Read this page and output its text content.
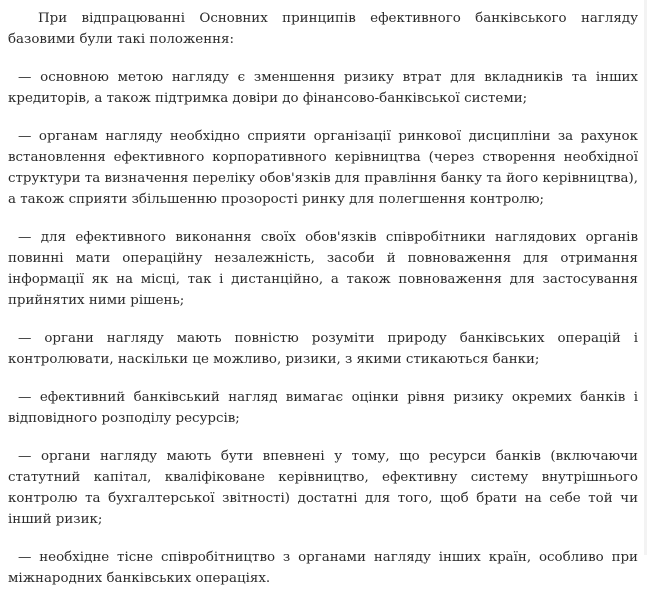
При відпрацюванні Основних принципів ефективного банківського нагляду базовими були такі положення:

— основною метою нагляду є зменшення ризику втрат для вкладників та інших кредиторів, а також підтримка довіри до фінансово-банківської системи;

— органам нагляду необхідно сприяти організації ринкової дисципліни за рахунок встановлення ефективного корпоративного керівництва (через створення необхідної структури та визначення переліку обов'язків для правління банку та його керівництва), а також сприяти збільшенню прозорості ринку для полегшення контролю;

— для ефективного виконання своїх обов'язків співробітники наглядових органів повинні мати операційну незалежність, засоби й повноваження для отримання інформації як на місці, так і дистанційно, а також повноваження для застосування прийнятих ними рішень;

— органи нагляду мають повністю розуміти природу банківських операцій і контролювати, наскільки це можливо, ризики, з якими стикаються банки;

— ефективний банківський нагляд вимагає оцінки рівня ризику окремих банків і відповідного розподілу ресурсів;

— органи нагляду мають бути впевнені у тому, що ресурси банків (включаючи статутний капітал, кваліфіковане керівництво, ефективну систему внутрішнього контролю та бухгалтерської звітності) достатні для того, щоб брати на себе той чи інший ризик;

— необхідне тісне співробітництво з органами нагляду інших країн, особливо при міжнародних банківських операціях.
